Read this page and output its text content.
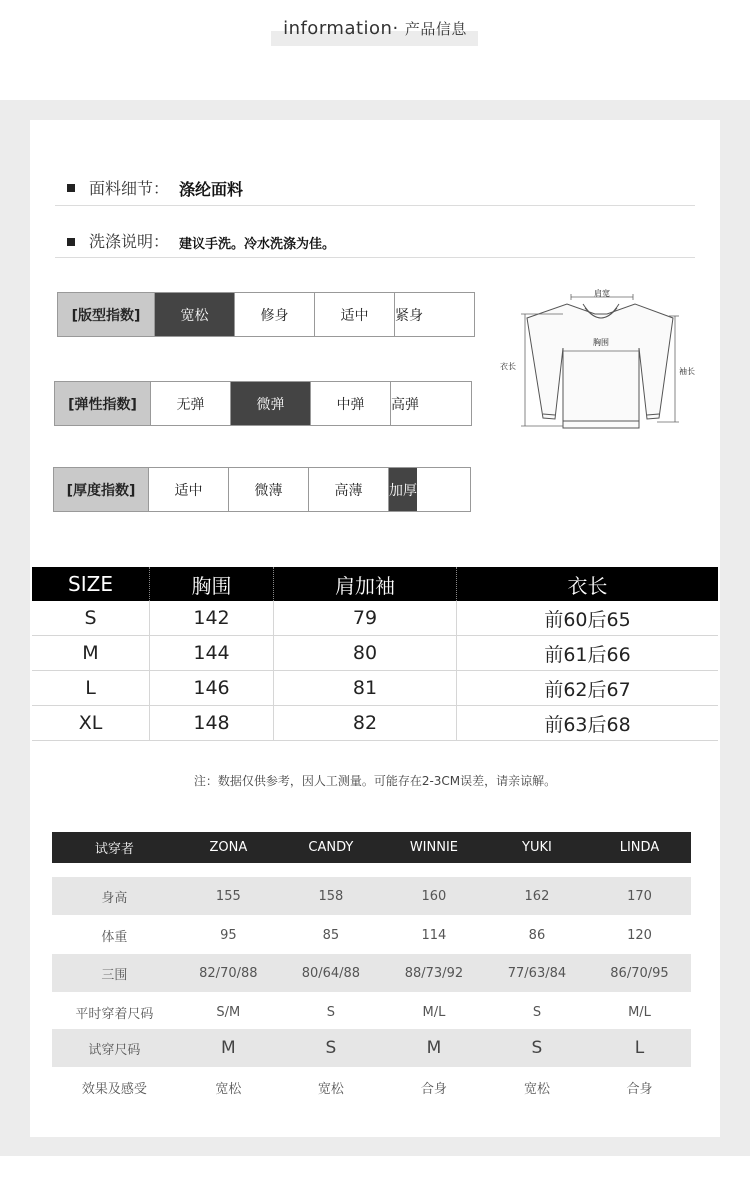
information· 产品信息
面料细节： 涤纶面料
洗涤说明： 建议手洗。冷水洗涤为佳。
[版型指数]	宽松	修身	适中	紧身
[弹性指数]	无弹	微弹	中弹	高弹
[厚度指数]	适中	微薄	高薄	加厚
肩宽
胸围
衣长
袖长
SIZE	胸围	肩加袖	衣长
S	142	79	前60后65
M	144	80	前61后66
L	146	81	前62后67
XL	148	82	前63后68
注：数据仅供参考，因人工测量。可能存在2-3CM误差，请亲谅解。
试穿者	ZONA	CANDY	WINNIE	YUKI	LINDA
身高	155	158	160	162	170
体重	95	85	114	86	120
三围	82/70/88	80/64/88	88/73/92	77/63/84	86/70/95
平时穿着尺码	S/M	S	M/L	S	M/L
试穿尺码	M	S	M	S	L
效果及感受	宽松	宽松	合身	宽松	合身
